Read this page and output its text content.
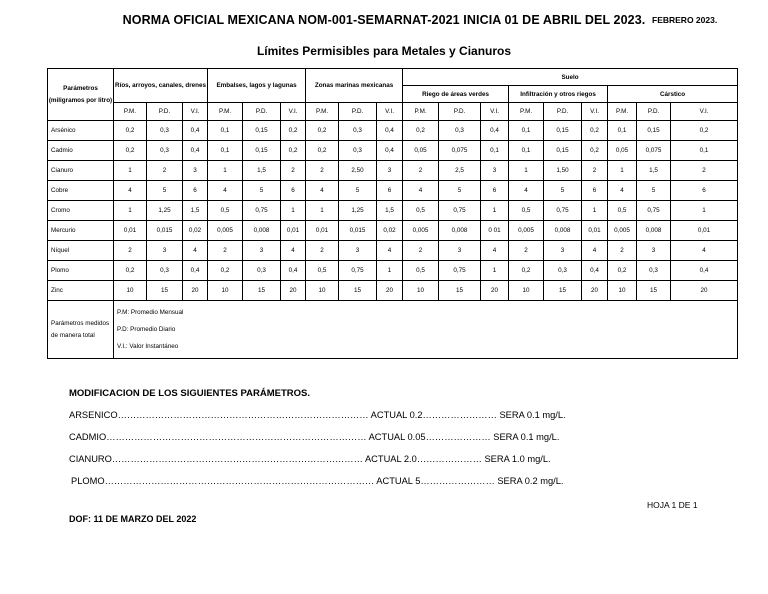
NORMA OFICIAL MEXICANA NOM-001-SEMARNAT-2021 INICIA 01 DE ABRIL DEL 2023. FEBRERO 2023.
Límites Permisibles para Metales y Cianuros
Parámetros (miligramos por litro)	Ríos, arroyos, canales, drenes			Embalses, lagos y lagunas			Zonas marinas mexicanas			Suelo								
										Riego de áreas verdes			Infiltración y otros riegos			Cárstico		
	P.M.	P.D.	V.I.	P.M.	P.D.	V.I.	P.M.	P.D.	V.I.	P.M.	P.D.	V.I.	P.M.	P.D.	V.I.	P.M.	P.D.	V.I.
Arsénico	0,2	0,3	0,4	0,1	0,15	0,2	0,2	0,3	0,4	0,2	0,3	0,4	0,1	0,15	0,2	0,1	0,15	0,2
Cadmio	0,2	0,3	0,4	0,1	0,15	0,2	0,2	0,3	0,4	0,05	0,075	0,1	0,1	0,15	0,2	0,05	0,075	0,1
Cianuro	1	2	3	1	1,5	2	2	2,50	3	2	2,5	3	1	1,50	2	1	1,5	2
Cobre	4	5	6	4	5	6	4	5	6	4	5	6	4	5	6	4	5	6
Cromo	1	1,25	1,5	0,5	0,75	1	1	1,25	1,5	0,5	0,75	1	0,5	0,75	1	0,5	0,75	1
Mercurio	0,01	0,015	0,02	0,005	0,008	0,01	0,01	0,015	0,02	0,005	0,008	0 01	0,005	0,008	0,01	0,005	0,008	0,01
Níquel	2	3	4	2	3	4	2	3	4	2	3	4	2	3	4	2	3	4
Plomo	0,2	0,3	0,4	0,2	0,3	0,4	0,5	0,75	1	0,5	0,75	1	0,2	0,3	0,4	0,2	0,3	0,4
Zinc	10	15	20	10	15	20	10	15	20	10	15	20	10	15	20	10	15	20
Parámetros medidos de manera total	P.M: Promedio Mensual
P.D: Promedio Diario
V.I.: Valor Instantáneo																	
MODIFICACION DE LOS SIGUIENTES PARÁMETROS.
ARSENICO……………………………………………………………………… ACTUAL 0.2…………………… SERA 0.1 mg/L.
CADMIO………………………………………………………………………… ACTUAL 0.05………………… SERA 0.1 mg/L.
CIANURO……………………………………………………………………… ACTUAL 2.0………………… SERA 1.0 mg/L.
PLOMO…………………………………………………………………………… ACTUAL 5…………………… SERA 0.2 mg/L.
HOJA 1 DE 1
DOF: 11 DE MARZO DEL 2022
